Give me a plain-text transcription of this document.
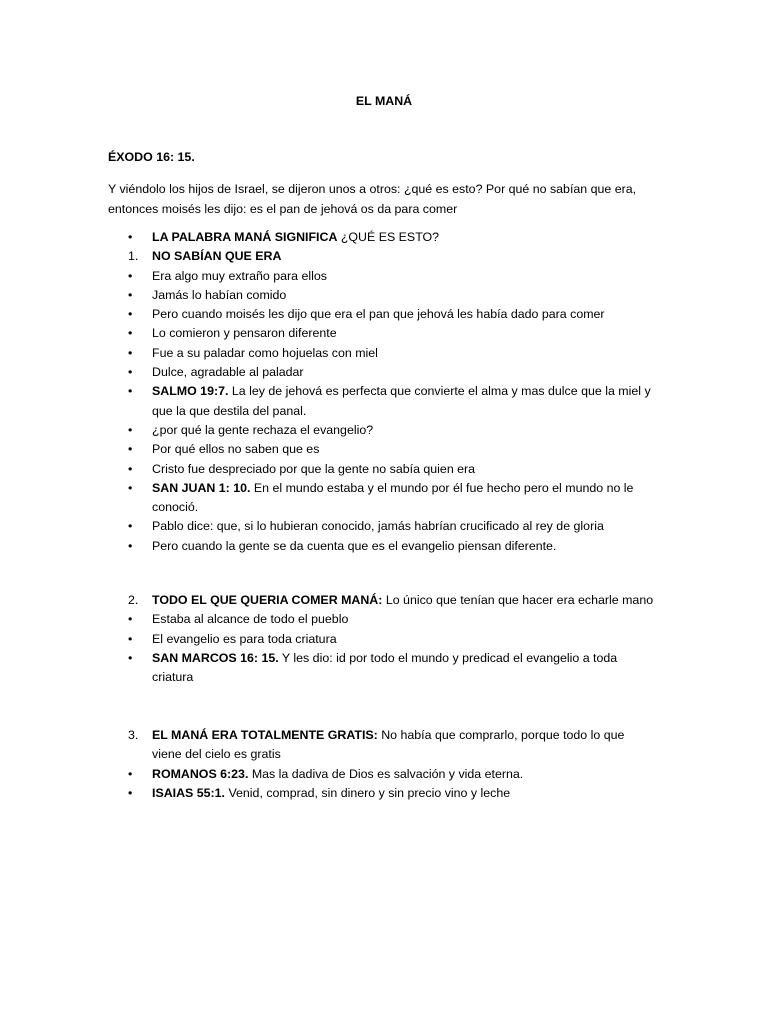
EL MANÁ
ÉXODO 16: 15.
Y viéndolo los hijos de Israel, se dijeron unos a otros: ¿qué es esto? Por qué no sabían que era,
entonces moisés les dijo: es el pan de jehová os da para comer
•	LA PALABRA MANÁ SIGNIFICA ¿QUÉ ES ESTO?
1.	NO SABÍAN QUE ERA
•	Era algo muy extraño para ellos
•	Jamás lo habían comido
•	Pero cuando moisés les dijo que era el pan que jehová les había dado para comer
•	Lo comieron y pensaron diferente
•	Fue a su paladar como hojuelas con miel
•	Dulce, agradable al paladar
•	SALMO 19:7. La ley de jehová es perfecta que convierte el alma y mas dulce que la miel y que la que destila del panal.
•	¿por qué la gente rechaza el evangelio?
•	Por qué ellos no saben que es
•	Cristo fue despreciado por que la gente no sabía quien era
•	SAN JUAN 1: 10. En el mundo estaba y el mundo por él fue hecho pero el mundo no le conoció.
•	Pablo dice: que, si lo hubieran conocido, jamás habrían crucificado al rey de gloria
•	Pero cuando la gente se da cuenta que es el evangelio piensan diferente.
2.	TODO EL QUE QUERIA COMER MANÁ: Lo único que tenían que hacer era echarle mano
•	Estaba al alcance de todo el pueblo
•	El evangelio es para toda criatura
•	SAN MARCOS 16: 15. Y les dio: id por todo el mundo y predicad el evangelio a toda criatura
3.	EL MANÁ ERA TOTALMENTE GRATIS: No había que comprarlo, porque todo lo que viene del cielo es gratis
•	ROMANOS 6:23. Mas la dadiva de Dios es salvación y vida eterna.
•	ISAIAS 55:1. Venid, comprad, sin dinero y sin precio vino y leche
